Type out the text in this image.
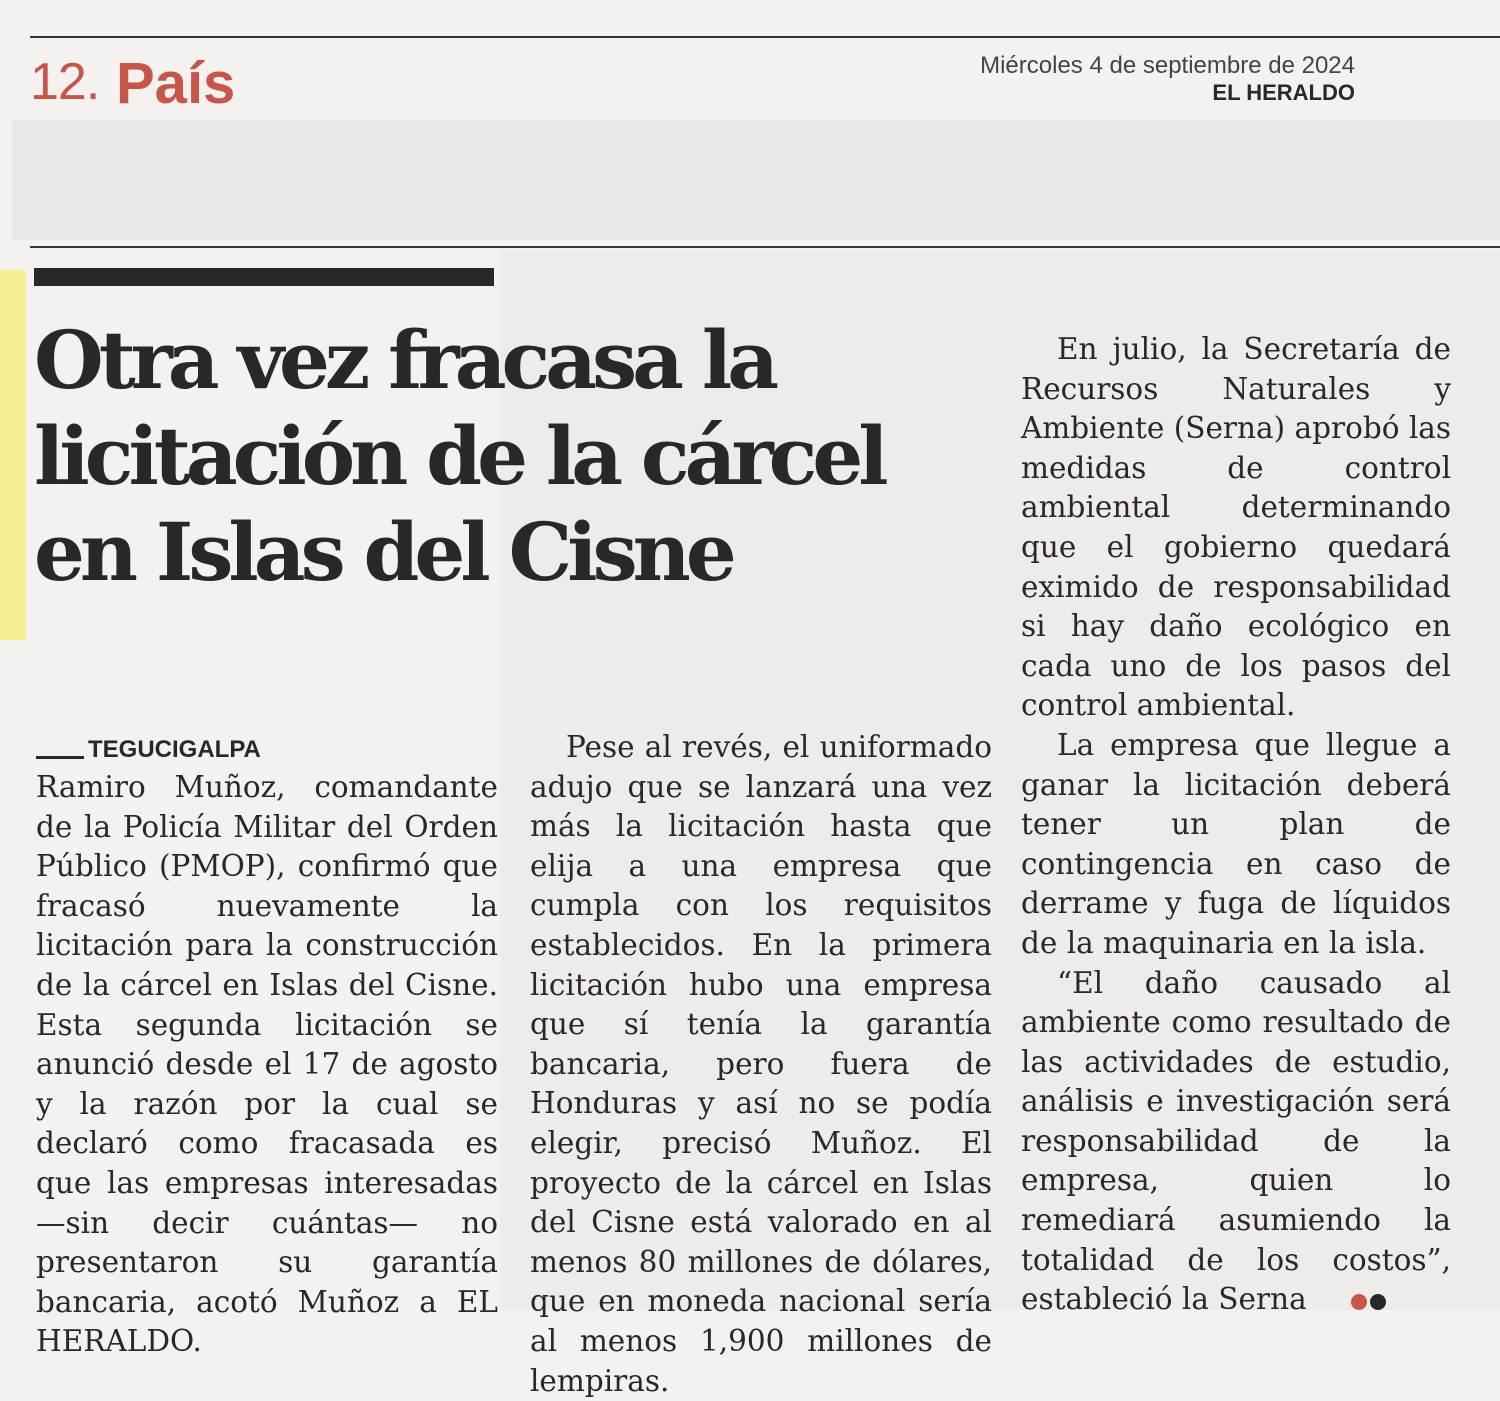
12. País	Miércoles 4 de septiembre de 2024
EL HERALDO
Otra vez fracasa la licitación de la cárcel en Islas del Cisne
TEGUCIGALPA

Ramiro Muñoz, comandante de la Policía Militar del Orden Público (PMOP), confirmó que fracasó nuevamente la licitación para la construcción de la cárcel en Islas del Cisne. Esta segunda licitación se anunció desde el 17 de agosto y la razón por la cual se declaró como fracasada es que las empresas interesadas —sin decir cuántas— no presentaron su garantía bancaria, acotó Muñoz a EL HERALDO.

Pese al revés, el uniformado adujo que se lanzará una vez más la licitación hasta que elija a una empresa que cumpla con los requisitos establecidos. En la primera licitación hubo una empresa que sí tenía la garantía bancaria, pero fuera de Honduras y así no se podía elegir, precisó Muñoz. El proyecto de la cárcel en Islas del Cisne está valorado en al menos 80 millones de dólares, que en moneda nacional sería al menos 1,900 millones de lempiras.

En julio, la Secretaría de Recursos Naturales y Ambiente (Serna) aprobó las medidas de control ambiental determinando que el gobierno quedará eximido de responsabilidad si hay daño ecológico en cada uno de los pasos del control ambiental.

La empresa que llegue a ganar la licitación deberá tener un plan de contingencia en caso de derrame y fuga de líquidos de la maquinaria en la isla.

“El daño causado al ambiente como resultado de las actividades de estudio, análisis e investigación será responsabilidad de la empresa, quien lo remediará asumiendo la totalidad de los costos”, estableció la Serna
